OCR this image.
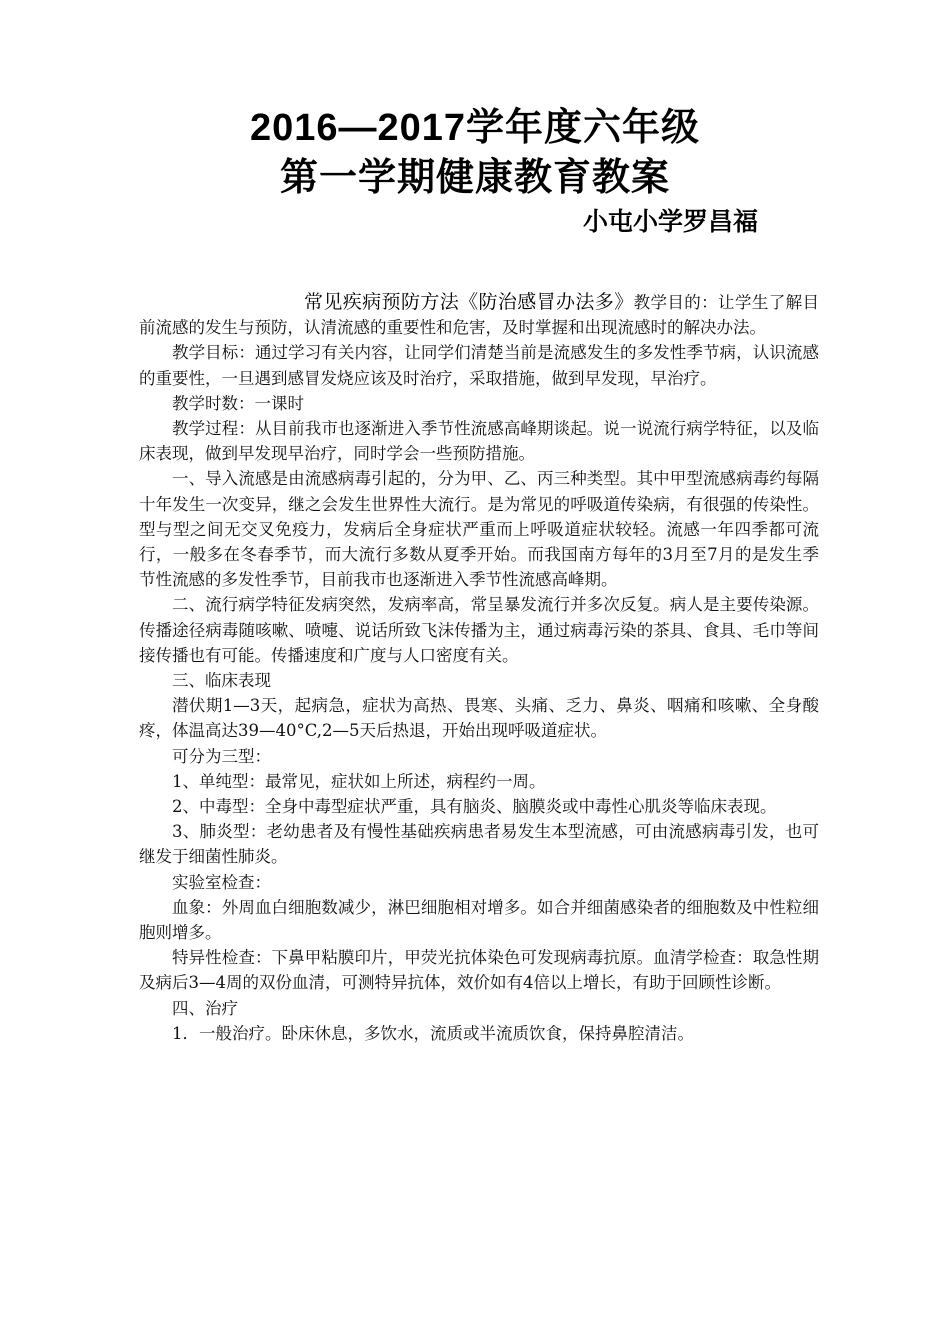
2016—2017学年度六年级
第一学期健康教育教案
小屯小学罗昌福

常见疾病预防方法《防治感冒办法多》教学目的：让学生了解目前流感的发生与预防，认清流感的重要性和危害，及时掌握和出现流感时的解决办法。

教学目标：通过学习有关内容，让同学们清楚当前是流感发生的多发性季节病，认识流感的重要性，一旦遇到感冒发烧应该及时治疗，采取措施，做到早发现，早治疗。

教学时数：一课时

教学过程：从目前我市也逐渐进入季节性流感高峰期谈起。说一说流行病学特征，以及临床表现，做到早发现早治疗，同时学会一些预防措施。

一、导入流感是由流感病毒引起的，分为甲、乙、丙三种类型。其中甲型流感病毒约每隔十年发生一次变异，继之会发生世界性大流行。是为常见的呼吸道传染病，有很强的传染性。型与型之间无交叉免疫力，发病后全身症状严重而上呼吸道症状较轻。流感一年四季都可流行，一般多在冬春季节，而大流行多数从夏季开始。而我国南方每年的3月至7月的是发生季节性流感的多发性季节，目前我市也逐渐进入季节性流感高峰期。

二、流行病学特征发病突然，发病率高，常呈暴发流行并多次反复。病人是主要传染源。传播途径病毒随咳嗽、喷嚏、说话所致飞沫传播为主，通过病毒污染的茶具、食具、毛巾等间接传播也有可能。传播速度和广度与人口密度有关。

三、临床表现

潜伏期1—3天，起病急，症状为高热、畏寒、头痛、乏力、鼻炎、咽痛和咳嗽、全身酸疼，体温高达39—40°C,2—5天后热退，开始出现呼吸道症状。

可分为三型：

1、单纯型：最常见，症状如上所述，病程约一周。

2、中毒型：全身中毒型症状严重，具有脑炎、脑膜炎或中毒性心肌炎等临床表现。

3、肺炎型：老幼患者及有慢性基础疾病患者易发生本型流感，可由流感病毒引发，也可继发于细菌性肺炎。

实验室检查：

血象：外周血白细胞数减少，淋巴细胞相对增多。如合并细菌感染者的细胞数及中性粒细胞则增多。

特异性检查：下鼻甲粘膜印片，甲荧光抗体染色可发现病毒抗原。血清学检查：取急性期及病后3—4周的双份血清，可测特异抗体，效价如有4倍以上增长，有助于回顾性诊断。

四、治疗

1．一般治疗。卧床休息，多饮水，流质或半流质饮食，保持鼻腔清洁。
